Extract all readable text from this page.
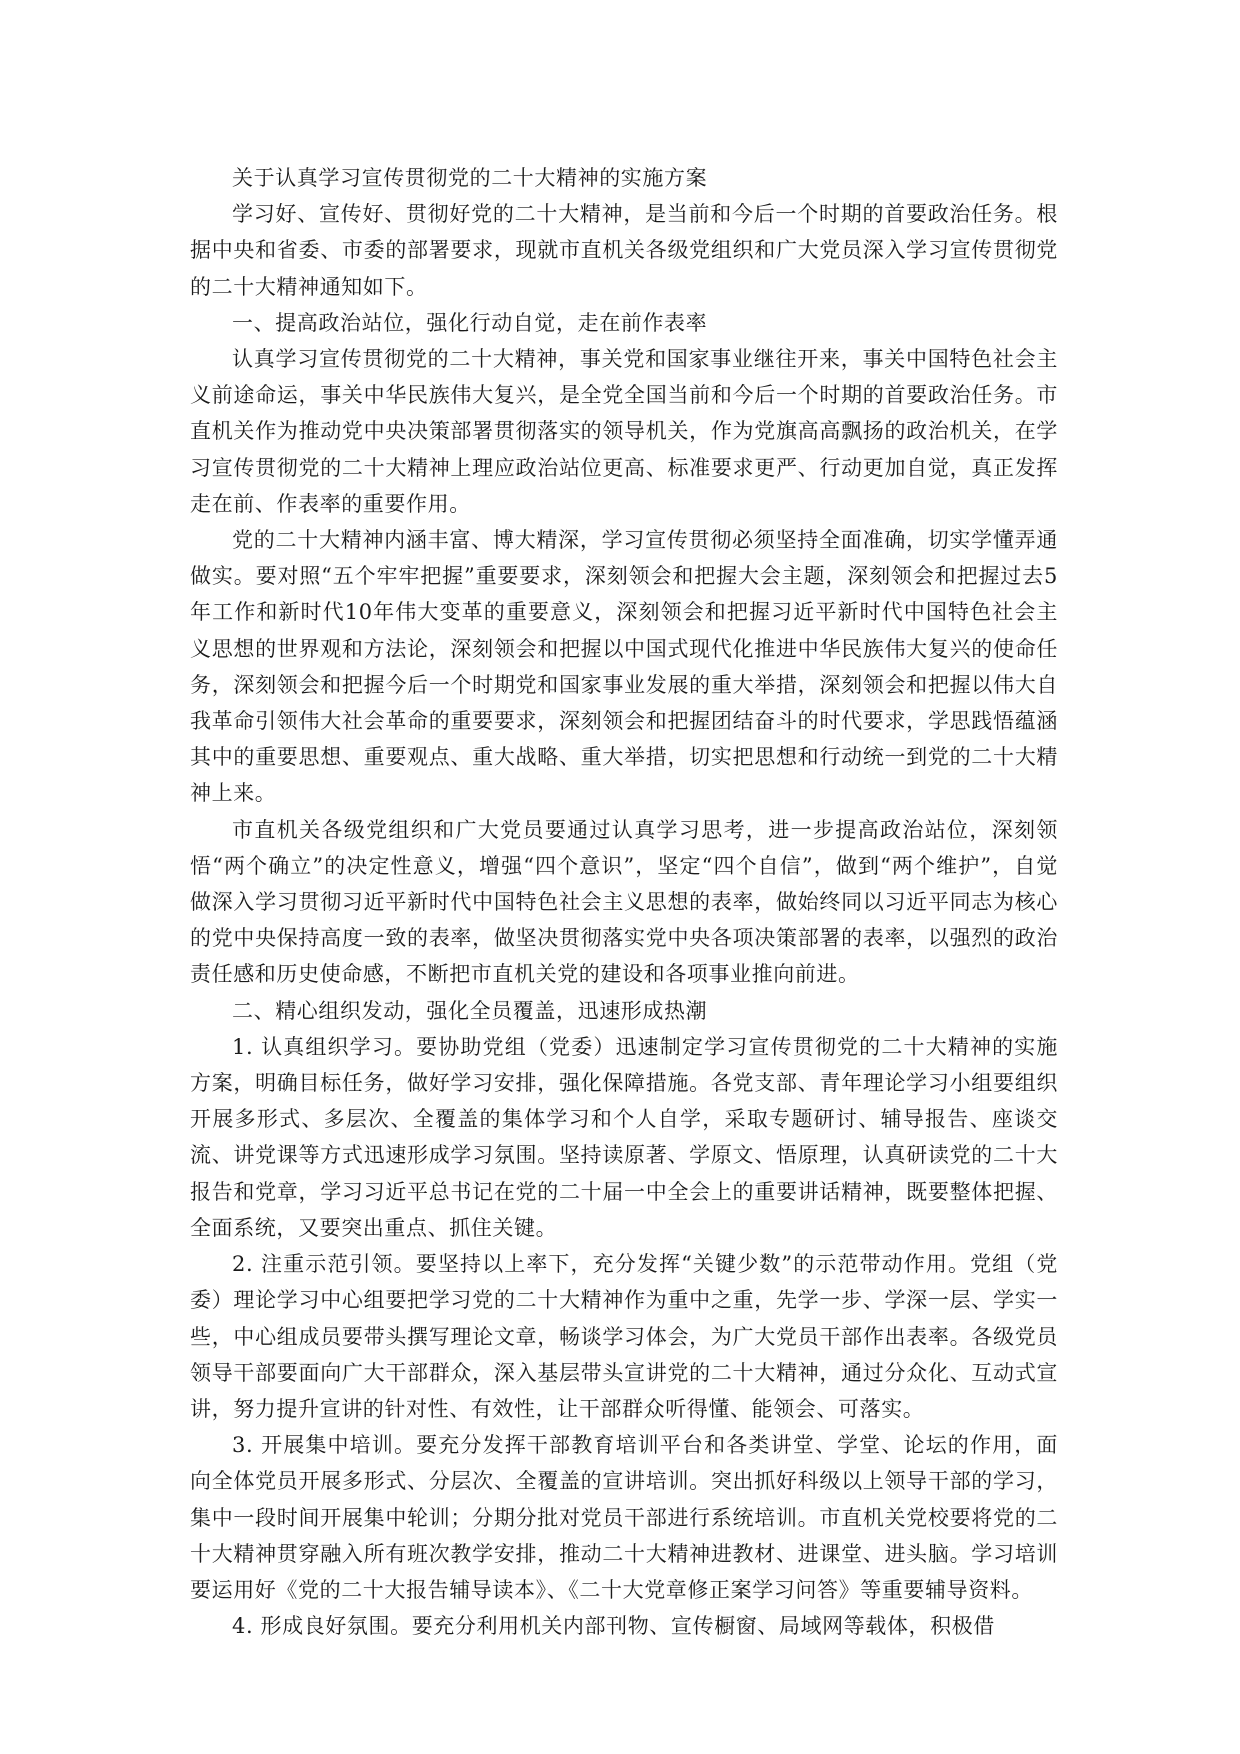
关于认真学习宣传贯彻党的二十大精神的实施方案

学习好、宣传好、贯彻好党的二十大精神，是当前和今后一个时期的首要政治任务。根据中央和省委、市委的部署要求，现就市直机关各级党组织和广大党员深入学习宣传贯彻党的二十大精神通知如下。

一、提高政治站位，强化行动自觉，走在前作表率

认真学习宣传贯彻党的二十大精神，事关党和国家事业继往开来，事关中国特色社会主义前途命运，事关中华民族伟大复兴，是全党全国当前和今后一个时期的首要政治任务。市直机关作为推动党中央决策部署贯彻落实的领导机关，作为党旗高高飘扬的政治机关，在学习宣传贯彻党的二十大精神上理应政治站位更高、标准要求更严、行动更加自觉，真正发挥走在前、作表率的重要作用。

党的二十大精神内涵丰富、博大精深，学习宣传贯彻必须坚持全面准确，切实学懂弄通做实。要对照“五个牢牢把握”重要要求，深刻领会和把握大会主题，深刻领会和把握过去5年工作和新时代10年伟大变革的重要意义，深刻领会和把握习近平新时代中国特色社会主义思想的世界观和方法论，深刻领会和把握以中国式现代化推进中华民族伟大复兴的使命任务，深刻领会和把握今后一个时期党和国家事业发展的重大举措，深刻领会和把握以伟大自我革命引领伟大社会革命的重要要求，深刻领会和把握团结奋斗的时代要求，学思践悟蕴涵其中的重要思想、重要观点、重大战略、重大举措，切实把思想和行动统一到党的二十大精神上来。

市直机关各级党组织和广大党员要通过认真学习思考，进一步提高政治站位，深刻领悟“两个确立”的决定性意义，增强“四个意识”，坚定“四个自信”，做到“两个维护”，自觉做深入学习贯彻习近平新时代中国特色社会主义思想的表率，做始终同以习近平同志为核心的党中央保持高度一致的表率，做坚决贯彻落实党中央各项决策部署的表率，以强烈的政治责任感和历史使命感，不断把市直机关党的建设和各项事业推向前进。

二、精心组织发动，强化全员覆盖，迅速形成热潮

1. 认真组织学习。要协助党组（党委）迅速制定学习宣传贯彻党的二十大精神的实施方案，明确目标任务，做好学习安排，强化保障措施。各党支部、青年理论学习小组要组织开展多形式、多层次、全覆盖的集体学习和个人自学，采取专题研讨、辅导报告、座谈交流、讲党课等方式迅速形成学习氛围。坚持读原著、学原文、悟原理，认真研读党的二十大报告和党章，学习习近平总书记在党的二十届一中全会上的重要讲话精神，既要整体把握、全面系统，又要突出重点、抓住关键。

2. 注重示范引领。要坚持以上率下，充分发挥“关键少数”的示范带动作用。党组（党委）理论学习中心组要把学习党的二十大精神作为重中之重，先学一步、学深一层、学实一些，中心组成员要带头撰写理论文章，畅谈学习体会，为广大党员干部作出表率。各级党员领导干部要面向广大干部群众，深入基层带头宣讲党的二十大精神，通过分众化、互动式宣讲，努力提升宣讲的针对性、有效性，让干部群众听得懂、能领会、可落实。

3. 开展集中培训。要充分发挥干部教育培训平台和各类讲堂、学堂、论坛的作用，面向全体党员开展多形式、分层次、全覆盖的宣讲培训。突出抓好科级以上领导干部的学习，集中一段时间开展集中轮训；分期分批对党员干部进行系统培训。市直机关党校要将党的二十大精神贯穿融入所有班次教学安排，推动二十大精神进教材、进课堂、进头脑。学习培训要运用好《党的二十大报告辅导读本》、《二十大党章修正案学习问答》等重要辅导资料。

4. 形成良好氛围。要充分利用机关内部刊物、宣传橱窗、局域网等载体，积极借
